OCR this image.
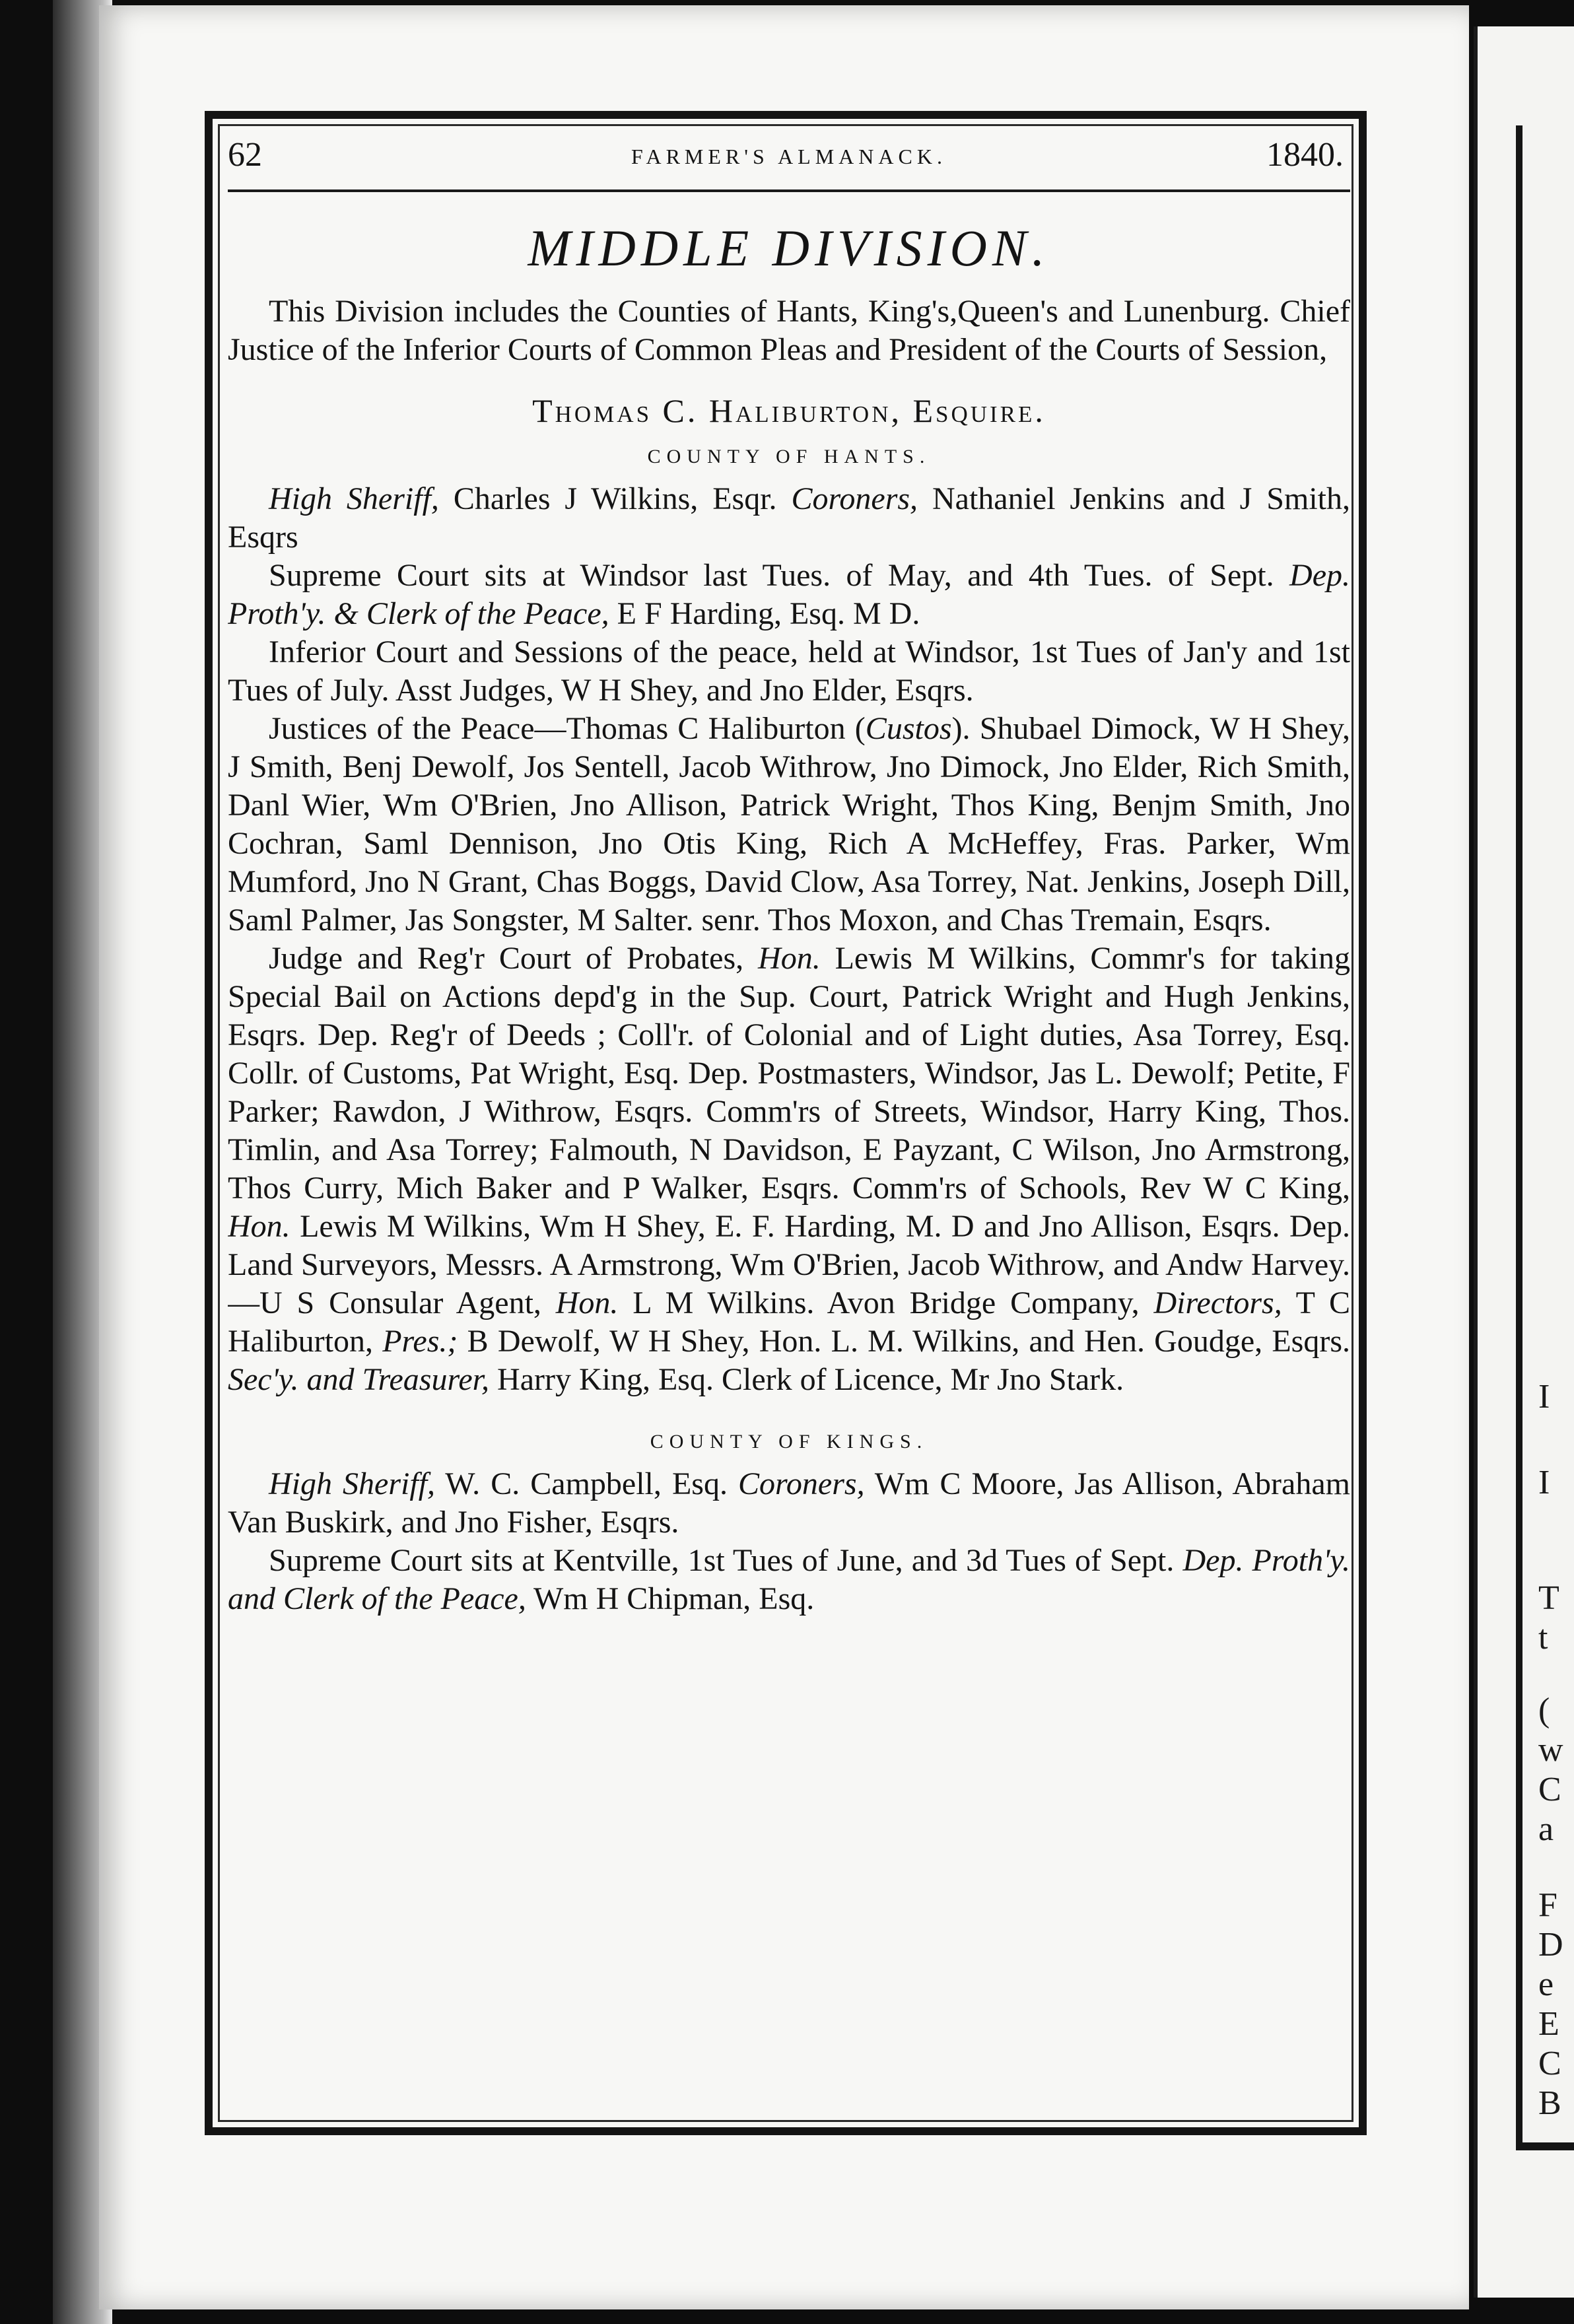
I
I
T
t
(
w
C
a
F
D
e
E
C
B
62	FARMER'S ALMANACK.	1840.
MIDDLE DIVISION.

This Division includes the Counties of Hants, King's,Queen's and Lunenburg. Chief Justice of the Inferior Courts of Common Pleas and President of the Courts of Session,

Thomas C. Haliburton, Esquire.
COUNTY OF HANTS.

High Sheriff, Charles J Wilkins, Esqr. Coroners, Nathaniel Jenkins and J Smith, Esqrs

Supreme Court sits at Windsor last Tues. of May, and 4th Tues. of Sept. Dep. Proth'y. & Clerk of the Peace, E F Harding, Esq. M D.

Inferior Court and Sessions of the peace, held at Windsor, 1st Tues of Jan'y and 1st Tues of July. Asst Judges, W H Shey, and Jno Elder, Esqrs.

Justices of the Peace—Thomas C Haliburton (Custos). Shubael Dimock, W H Shey, J Smith, Benj Dewolf, Jos Sentell, Jacob Withrow, Jno Dimock, Jno Elder, Rich Smith, Danl Wier, Wm O'Brien, Jno Allison, Patrick Wright, Thos King, Benjm Smith, Jno Cochran, Saml Dennison, Jno Otis King, Rich A McHeffey, Fras. Parker, Wm Mumford, Jno N Grant, Chas Boggs, David Clow, Asa Torrey, Nat. Jenkins, Joseph Dill, Saml Palmer, Jas Songster, M Salter. senr. Thos Moxon, and Chas Tremain, Esqrs.

Judge and Reg'r Court of Probates, Hon. Lewis M Wilkins, Commr's for taking Special Bail on Actions depd'g in the Sup. Court, Patrick Wright and Hugh Jenkins, Esqrs. Dep. Reg'r of Deeds ; Coll'r. of Colonial and of Light duties, Asa Torrey, Esq. Collr. of Customs, Pat Wright, Esq. Dep. Postmasters, Windsor, Jas L. Dewolf; Petite, F Parker; Rawdon, J Withrow, Esqrs. Comm'rs of Streets, Windsor, Harry King, Thos. Timlin, and Asa Torrey; Falmouth, N Davidson, E Payzant, C Wilson, Jno Armstrong, Thos Curry, Mich Baker and P Walker, Esqrs. Comm'rs of Schools, Rev W C King, Hon. Lewis M Wilkins, Wm H Shey, E. F. Harding, M. D and Jno Allison, Esqrs. Dep. Land Surveyors, Messrs. A Armstrong, Wm O'Brien, Jacob Withrow, and Andw Harvey.—U S Consular Agent, Hon. L M Wilkins. Avon Bridge Company, Directors, T C Haliburton, Pres.; B Dewolf, W H Shey, Hon. L. M. Wilkins, and Hen. Goudge, Esqrs. Sec'y. and Treasurer, Harry King, Esq. Clerk of Licence, Mr Jno Stark.

COUNTY OF KINGS.

High Sheriff, W. C. Campbell, Esq. Coroners, Wm C Moore, Jas Allison, Abraham Van Buskirk, and Jno Fisher, Esqrs.

Supreme Court sits at Kentville, 1st Tues of June, and 3d Tues of Sept. Dep. Proth'y. and Clerk of the Peace, Wm H Chipman, Esq.
